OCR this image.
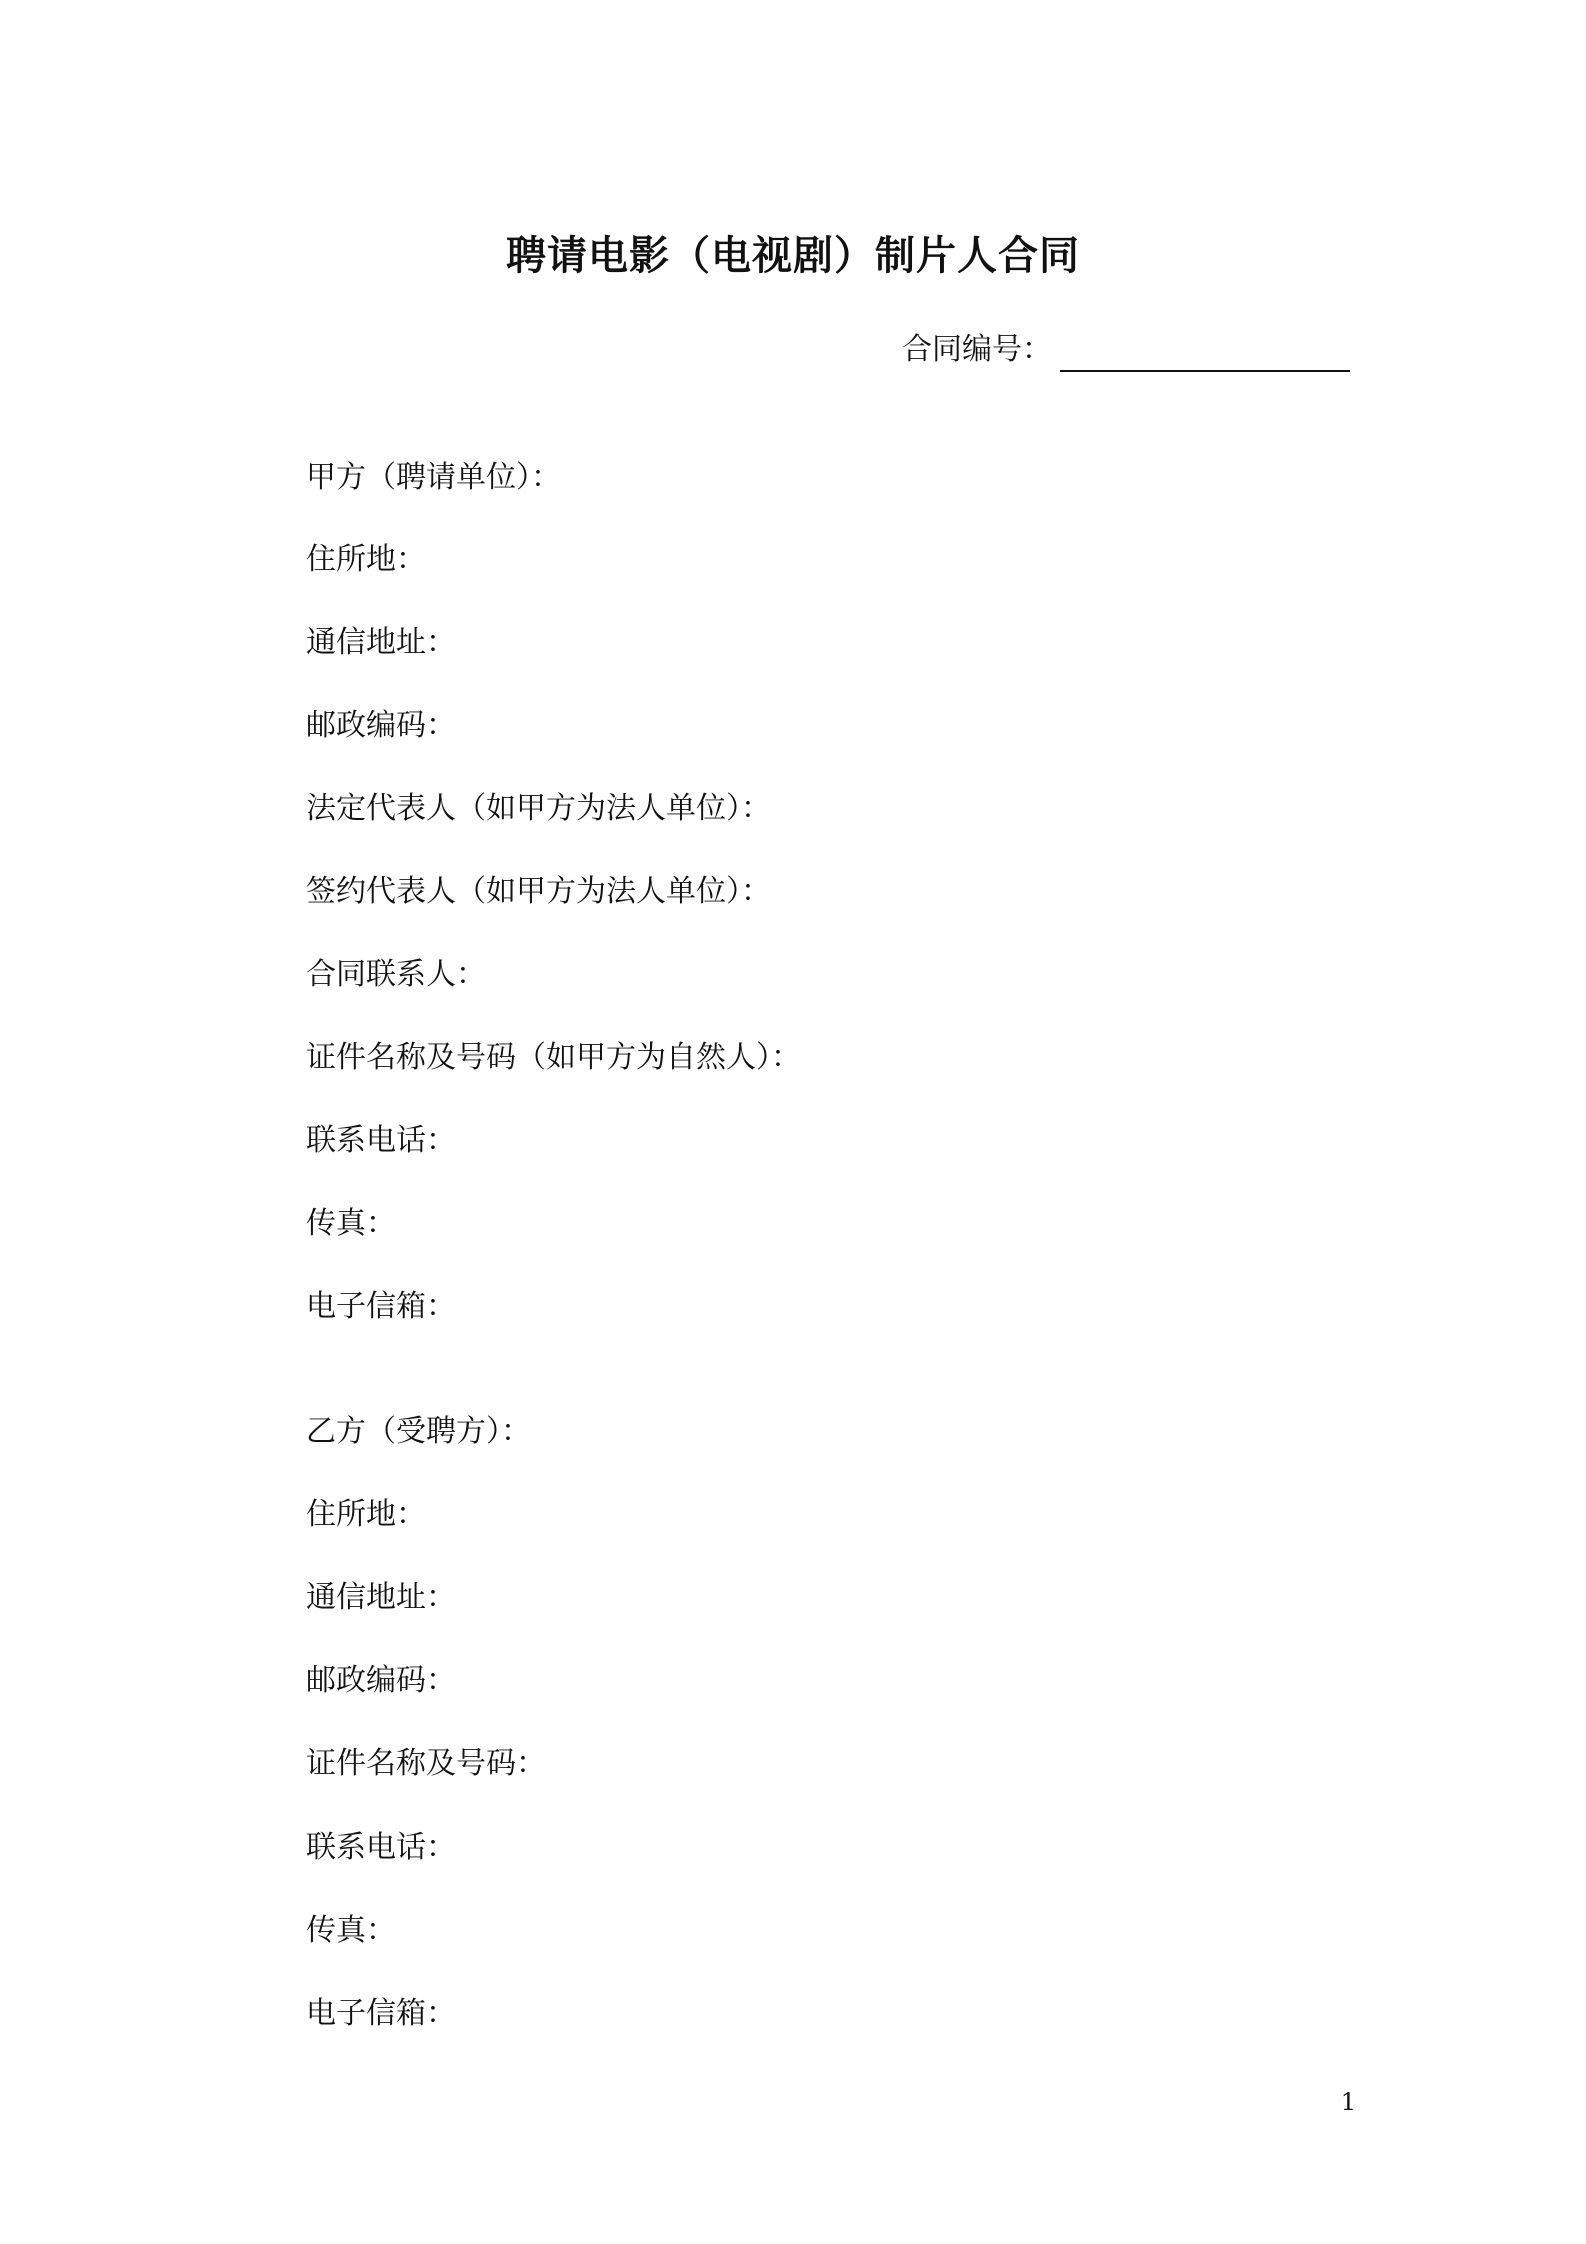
聘请电影（电视剧）制片人合同
合同编号：
甲方（聘请单位）：
住所地：
通信地址：
邮政编码：
法定代表人（如甲方为法人单位）：
签约代表人（如甲方为法人单位）：
合同联系人：
证件名称及号码（如甲方为自然人）：
联系电话：
传真：
电子信箱：
乙方（受聘方）：
住所地：
通信地址：
邮政编码：
证件名称及号码：
联系电话：
传真：
电子信箱：
1
